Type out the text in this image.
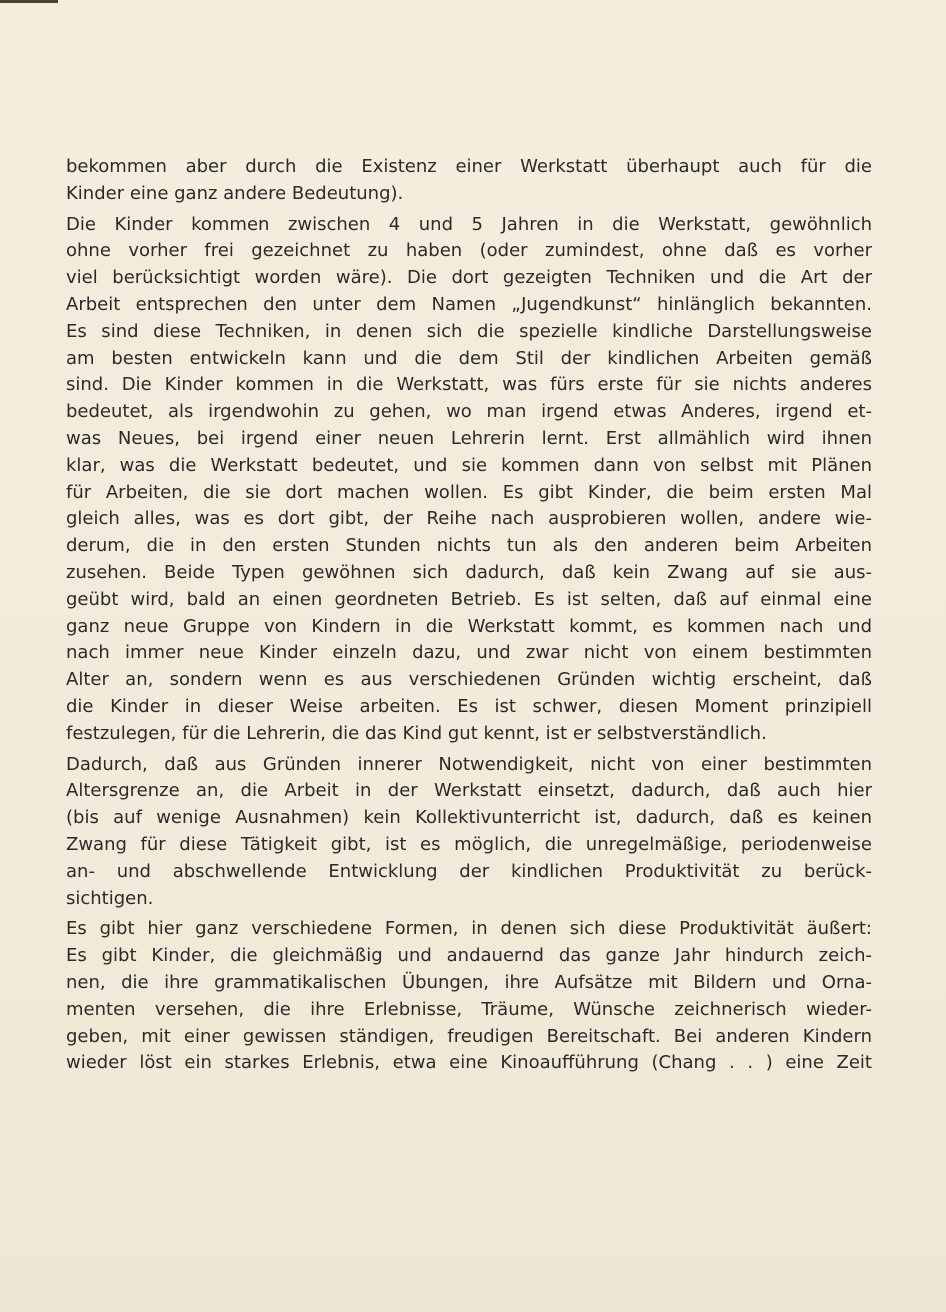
bekommen aber durch die Existenz einer Werkstatt überhaupt auch für die
Kinder eine ganz andere Bedeutung).

Die Kinder kommen zwischen 4 und 5 Jahren in die Werkstatt, gewöhnlich
ohne vorher frei gezeichnet zu haben (oder zumindest, ohne daß es vorher
viel berücksichtigt worden wäre). Die dort gezeigten Techniken und die Art der
Arbeit entsprechen den unter dem Namen „Jugendkunst“ hinlänglich bekannten.
Es sind diese Techniken, in denen sich die spezielle kindliche Darstellungsweise
am besten entwickeln kann und die dem Stil der kindlichen Arbeiten gemäß
sind. Die Kinder kommen in die Werkstatt, was fürs erste für sie nichts anderes
bedeutet, als irgendwohin zu gehen, wo man irgend etwas Anderes, irgend et-
was Neues, bei irgend einer neuen Lehrerin lernt. Erst allmählich wird ihnen
klar, was die Werkstatt bedeutet, und sie kommen dann von selbst mit Plänen
für Arbeiten, die sie dort machen wollen. Es gibt Kinder, die beim ersten Mal
gleich alles, was es dort gibt, der Reihe nach ausprobieren wollen, andere wie-
derum, die in den ersten Stunden nichts tun als den anderen beim Arbeiten
zusehen. Beide Typen gewöhnen sich dadurch, daß kein Zwang auf sie aus-
geübt wird, bald an einen geordneten Betrieb. Es ist selten, daß auf einmal eine
ganz neue Gruppe von Kindern in die Werkstatt kommt, es kommen nach und
nach immer neue Kinder einzeln dazu, und zwar nicht von einem bestimmten
Alter an, sondern wenn es aus verschiedenen Gründen wichtig erscheint, daß
die Kinder in dieser Weise arbeiten. Es ist schwer, diesen Moment prinzipiell
festzulegen, für die Lehrerin, die das Kind gut kennt, ist er selbstverständlich.

Dadurch, daß aus Gründen innerer Notwendigkeit, nicht von einer bestimmten
Altersgrenze an, die Arbeit in der Werkstatt einsetzt, dadurch, daß auch hier
(bis auf wenige Ausnahmen) kein Kollektivunterricht ist, dadurch, daß es keinen
Zwang für diese Tätigkeit gibt, ist es möglich, die unregelmäßige, periodenweise
an- und abschwellende Entwicklung der kindlichen Produktivität zu berück-
sichtigen.

Es gibt hier ganz verschiedene Formen, in denen sich diese Produktivität äußert:
Es gibt Kinder, die gleichmäßig und andauernd das ganze Jahr hindurch zeich-
nen, die ihre grammatikalischen Übungen, ihre Aufsätze mit Bildern und Orna-
menten versehen, die ihre Erlebnisse, Träume, Wünsche zeichnerisch wieder-
geben, mit einer gewissen ständigen, freudigen Bereitschaft. Bei anderen Kindern
wieder löst ein starkes Erlebnis, etwa eine Kinoaufführung (Chang . . ) eine Zeit
